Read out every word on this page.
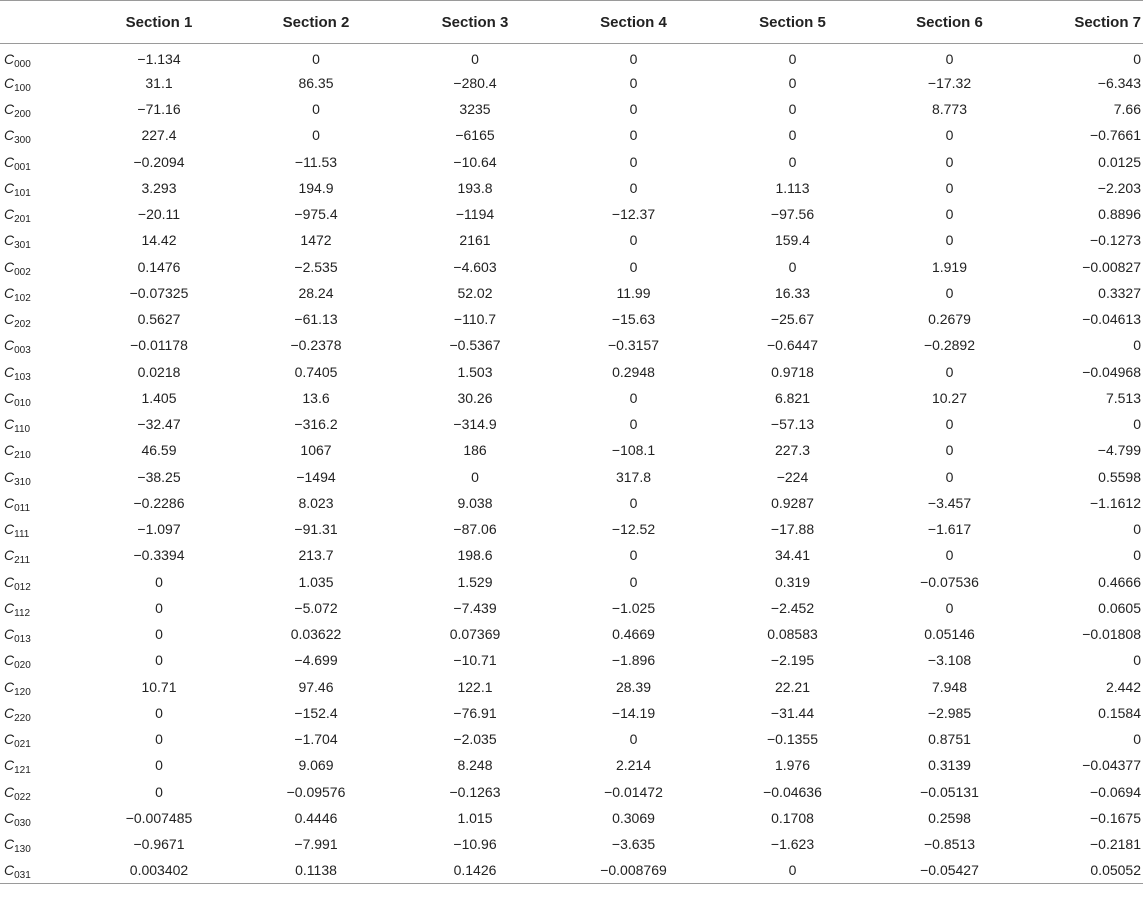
	Section 1	Section 2	Section 3	Section 4	Section 5	Section 6	Section 7
$C_{000}$	−1.134	0	0	0	0	0	0
$C_{100}$	31.1	86.35	−280.4	0	0	−17.32	−6.343
$C_{200}$	−71.16	0	3235	0	0	8.773	7.66
$C_{300}$	227.4	0	−6165	0	0	0	−0.7661
$C_{001}$	−0.2094	−11.53	−10.64	0	0	0	0.0125
$C_{101}$	3.293	194.9	193.8	0	1.113	0	−2.203
$C_{201}$	−20.11	−975.4	−1194	−12.37	−97.56	0	0.8896
$C_{301}$	14.42	1472	2161	0	159.4	0	−0.1273
$C_{002}$	0.1476	−2.535	−4.603	0	0	1.919	−0.00827
$C_{102}$	−0.07325	28.24	52.02	11.99	16.33	0	0.3327
$C_{202}$	0.5627	−61.13	−110.7	−15.63	−25.67	0.2679	−0.04613
$C_{003}$	−0.01178	−0.2378	−0.5367	−0.3157	−0.6447	−0.2892	0
$C_{103}$	0.0218	0.7405	1.503	0.2948	0.9718	0	−0.04968
$C_{010}$	1.405	13.6	30.26	0	6.821	10.27	7.513
$C_{110}$	−32.47	−316.2	−314.9	0	−57.13	0	0
$C_{210}$	46.59	1067	186	−108.1	227.3	0	−4.799
$C_{310}$	−38.25	−1494	0	317.8	−224	0	0.5598
$C_{011}$	−0.2286	8.023	9.038	0	0.9287	−3.457	−1.1612
$C_{111}$	−1.097	−91.31	−87.06	−12.52	−17.88	−1.617	0
$C_{211}$	−0.3394	213.7	198.6	0	34.41	0	0
$C_{012}$	0	1.035	1.529	0	0.319	−0.07536	0.4666
$C_{112}$	0	−5.072	−7.439	−1.025	−2.452	0	0.0605
$C_{013}$	0	0.03622	0.07369	0.4669	0.08583	0.05146	−0.01808
$C_{020}$	0	−4.699	−10.71	−1.896	−2.195	−3.108	0
$C_{120}$	10.71	97.46	122.1	28.39	22.21	7.948	2.442
$C_{220}$	0	−152.4	−76.91	−14.19	−31.44	−2.985	0.1584
$C_{021}$	0	−1.704	−2.035	0	−0.1355	0.8751	0
$C_{121}$	0	9.069	8.248	2.214	1.976	0.3139	−0.04377
$C_{022}$	0	−0.09576	−0.1263	−0.01472	−0.04636	−0.05131	−0.0694
$C_{030}$	−0.007485	0.4446	1.015	0.3069	0.1708	0.2598	−0.1675
$C_{130}$	−0.9671	−7.991	−10.96	−3.635	−1.623	−0.8513	−0.2181
$C_{031}$	0.003402	0.1138	0.1426	−0.008769	0	−0.05427	0.05052
